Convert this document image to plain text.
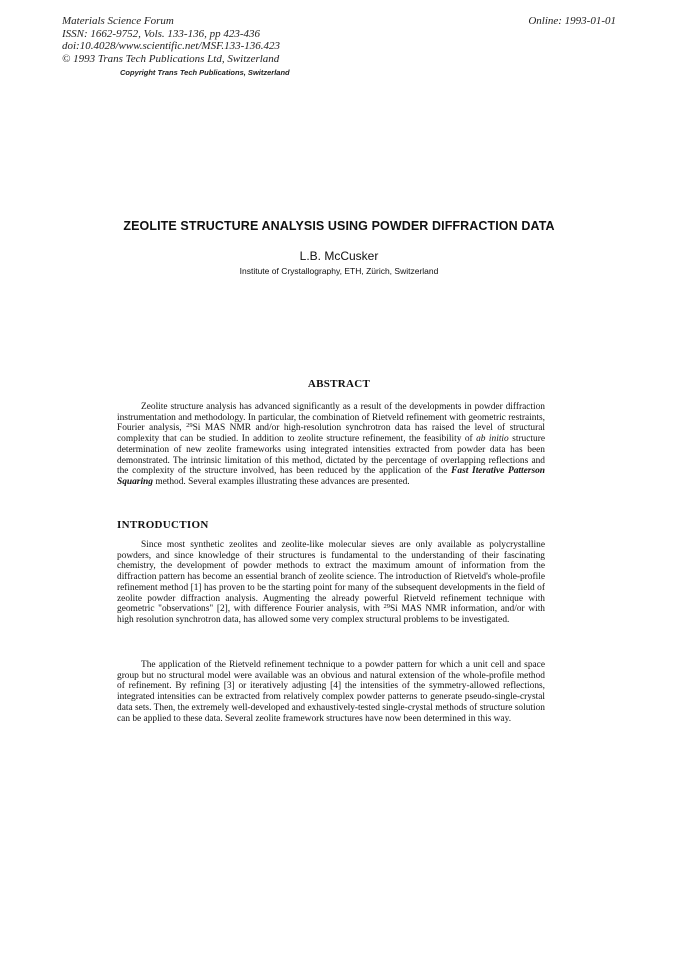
Materials Science Forum
ISSN: 1662-9752, Vols. 133-136, pp 423-436
doi:10.4028/www.scientific.net/MSF.133-136.423
© 1993 Trans Tech Publications Ltd, Switzerland
Online: 1993-01-01
Copyright Trans Tech Publications, Switzerland
ZEOLITE STRUCTURE ANALYSIS USING POWDER DIFFRACTION DATA
L.B. McCusker
Institute of Crystallography, ETH, Zürich, Switzerland
ABSTRACT

Zeolite structure analysis has advanced significantly as a result of the developments in powder diffraction instrumentation and methodology. In particular, the combination of Rietveld refinement with geometric restraints, Fourier analysis, $^{29}$Si MAS NMR and/or high-resolution synchrotron data has raised the level of structural complexity that can be studied. In addition to zeolite structure refinement, the feasibility of ab initio structure determination of new zeolite frameworks using integrated intensities extracted from powder data has been demonstrated. The intrinsic limitation of this method, dictated by the percentage of overlapping reflections and the complexity of the structure involved, has been reduced by the application of the Fast Iterative Patterson Squaring method. Several examples illustrating these advances are presented.

INTRODUCTION

Since most synthetic zeolites and zeolite-like molecular sieves are only available as polycrystalline powders, and since knowledge of their structures is fundamental to the understanding of their fascinating chemistry, the development of powder methods to extract the maximum amount of information from the diffraction pattern has become an essential branch of zeolite science. The introduction of Rietveld's whole-profile refinement method [1] has proven to be the starting point for many of the subsequent developments in the field of zeolite powder diffraction analysis. Augmenting the already powerful Rietveld refinement technique with geometric "observations" [2], with difference Fourier analysis, with $^{29}$Si MAS NMR information, and/or with high resolution synchrotron data, has allowed some very complex structural problems to be investigated.

The application of the Rietveld refinement technique to a powder pattern for which a unit cell and space group but no structural model were available was an obvious and natural extension of the whole-profile method of refinement. By refining [3] or iteratively adjusting [4] the intensities of the symmetry-allowed reflections, integrated intensities can be extracted from relatively complex powder patterns to generate pseudo-single-crystal data sets. Then, the extremely well-developed and exhaustively-tested single-crystal methods of structure solution can be applied to these data. Several zeolite framework structures have now been determined in this way.
